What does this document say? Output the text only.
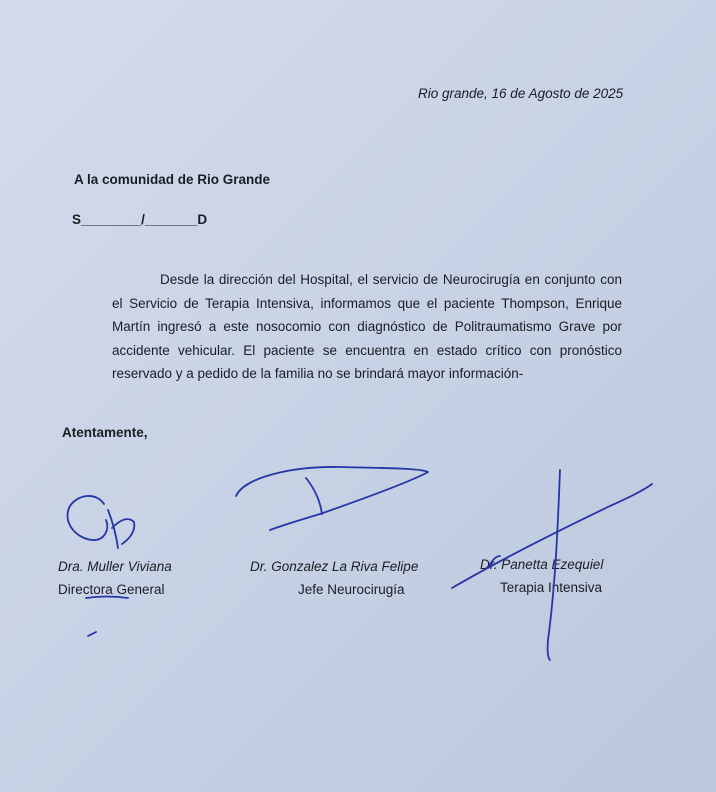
Rio grande, 16 de Agosto de 2025
A la comunidad de Rio Grande
S________/_______D
Desde la dirección del Hospital, el servicio de Neurocirugía en conjunto con el Servicio de Terapia Intensiva, informamos que el paciente Thompson, Enrique Martín ingresó a este nosocomio con diagnóstico de Politraumatismo Grave por accidente vehicular. El paciente se encuentra en estado crítico con pronóstico reservado y a pedido de la familia no se brindará mayor información-
Atentamente,
Dra. Muller Viviana
Directora General
Dr. Gonzalez La Riva Felipe
Jefe Neurocirugía
Dr. Panetta Ezequiel
Terapia Intensiva
